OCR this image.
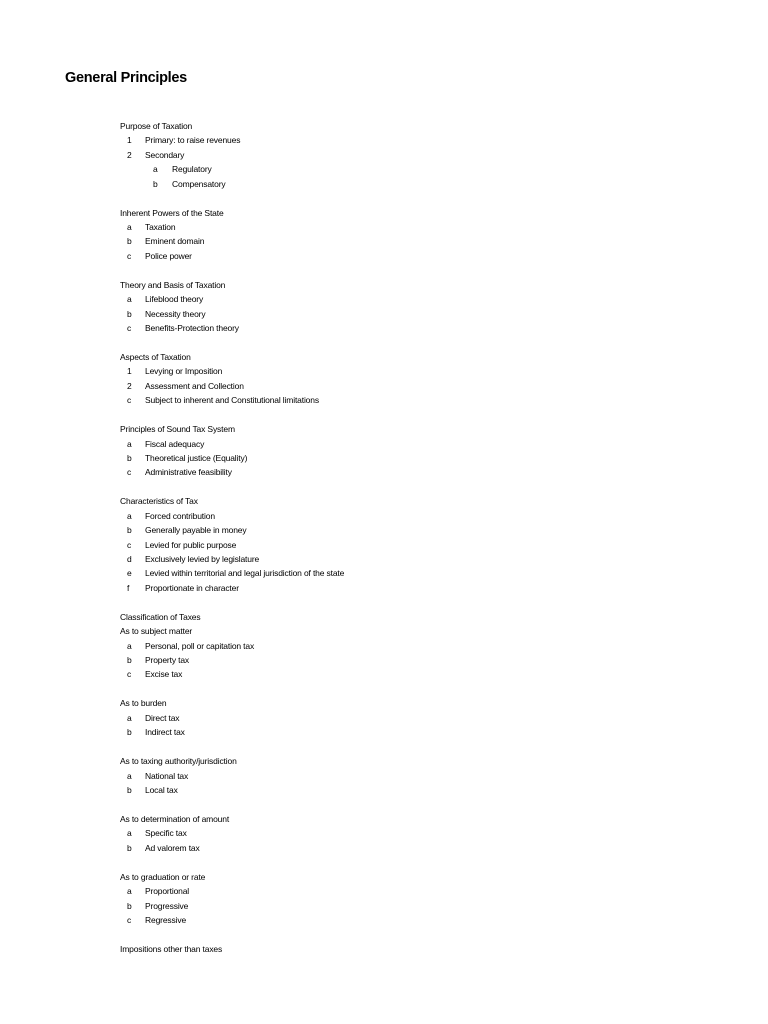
General Principles
Purpose of Taxation
1	Primary: to raise revenues
2	Secondary
a	Regulatory
b	Compensatory
Inherent Powers of the State
a	Taxation
b	Eminent domain
c	Police power
Theory and Basis of Taxation
a	Lifeblood theory
b	Necessity theory
c	Benefits-Protection theory
Aspects of Taxation
1	Levying or Imposition
2	Assessment and Collection
c	Subject to inherent and Constitutional limitations
Principles of Sound Tax System
a	Fiscal adequacy
b	Theoretical justice (Equality)
c	Administrative feasibility
Characteristics of Tax
a	Forced contribution
b	Generally payable in money
c	Levied for public purpose
d	Exclusively levied by legislature
e	Levied within territorial and legal jurisdiction of the state
f	Proportionate in character
Classification of Taxes
As to subject matter
a	Personal, poll or capitation tax
b	Property tax
c	Excise tax
As to burden
a	Direct tax
b	Indirect tax
As to taxing authority/jurisdiction
a	National tax
b	Local tax
As to determination of amount
a	Specific tax
b	Ad valorem tax
As to graduation or rate
a	Proportional
b	Progressive
c	Regressive
Impositions other than taxes
